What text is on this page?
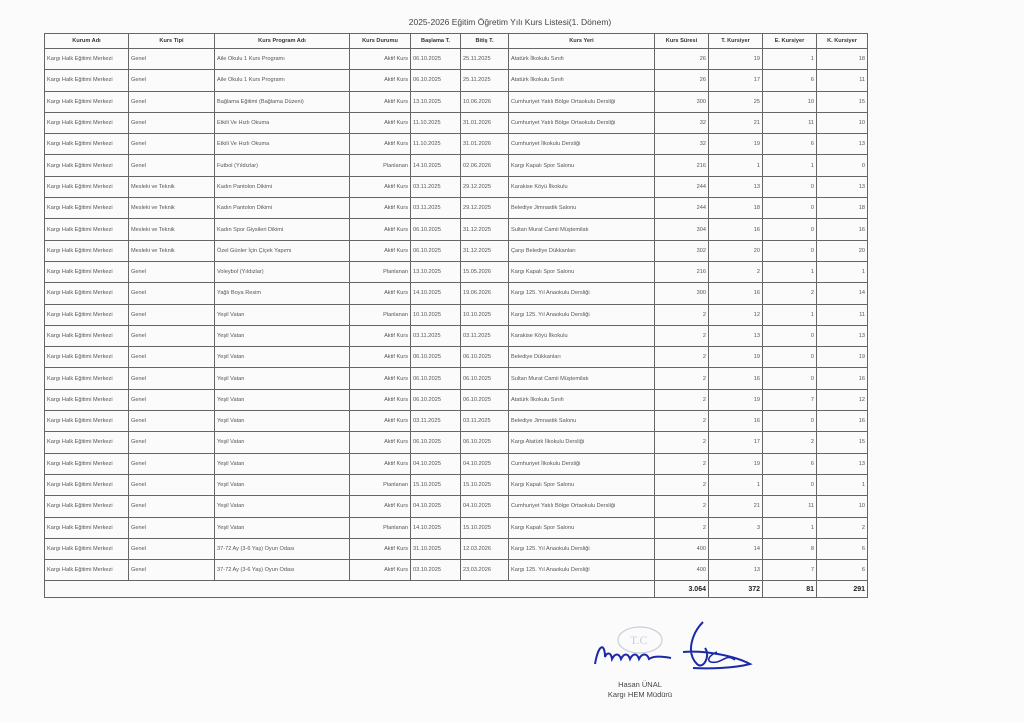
2025-2026 Eğitim Öğretim Yılı Kurs Listesi(1. Dönem)
Kurum Adı	Kurs Tipi	Kurs Program Adı	Kurs Durumu	Başlama T.	Bitiş T.	Kurs Yeri	Kurs Süresi	T. Kursiyer	E. Kursiyer	K. Kursiyer
Kargı Halk Eğitimi Merkezi	Genel	Aile Okulu 1 Kurs Programı	Aktif Kurs	06.10.2025	25.11.2025	Atatürk İlkokulu Sınıfı	26	19	1	18
Kargı Halk Eğitimi Merkezi	Genel	Aile Okulu 1 Kurs Programı	Aktif Kurs	06.10.2025	25.11.2025	Atatürk İlkokulu Sınıfı	26	17	6	11
Kargı Halk Eğitimi Merkezi	Genel	Bağlama Eğitimi (Bağlama Düzeni)	Aktif Kurs	13.10.2025	10.06.2026	Cumhuriyet Yatılı Bölge Ortaokulu Dersliği	300	25	10	15
Kargı Halk Eğitimi Merkezi	Genel	Etkili Ve Hızlı Okuma	Aktif Kurs	11.10.2025	31.01.2026	Cumhuriyet Yatılı Bölge Ortaokulu Dersliği	32	21	11	10
Kargı Halk Eğitimi Merkezi	Genel	Etkili Ve Hızlı Okuma	Aktif Kurs	11.10.2025	31.01.2026	Cumhuriyet İlkokulu Dersliği	32	19	6	13
Kargı Halk Eğitimi Merkezi	Genel	Futbol (Yıldızlar)	Planlanan	14.10.2025	02.06.2026	Kargı Kapalı Spor Salonu	216	1	1	0
Kargı Halk Eğitimi Merkezi	Mesleki ve Teknik	Kadın Pantolon Dikimi	Aktif Kurs	03.11.2025	29.12.2025	Karakise Köyü İlkokulu	244	13	0	13
Kargı Halk Eğitimi Merkezi	Mesleki ve Teknik	Kadın Pantolon Dikimi	Aktif Kurs	03.11.2025	29.12.2025	Belediye Jimnastik Salonu	244	18	0	18
Kargı Halk Eğitimi Merkezi	Mesleki ve Teknik	Kadın Spor Giysileri Dikimi	Aktif Kurs	06.10.2025	31.12.2025	Sultan Murat Camii Müştemilatı	304	16	0	16
Kargı Halk Eğitimi Merkezi	Mesleki ve Teknik	Özel Günler İçin Çiçek Yapımı	Aktif Kurs	06.10.2025	31.12.2025	Çarşı Belediye Dükkanları	302	20	0	20
Kargı Halk Eğitimi Merkezi	Genel	Voleybol (Yıldızlar)	Planlanan	13.10.2025	15.05.2026	Kargı Kapalı Spor Salonu	216	2	1	1
Kargı Halk Eğitimi Merkezi	Genel	Yağlı Boya Resim	Aktif Kurs	14.10.2025	19.06.2026	Kargı 125. Yıl Anaokulu Dersliği	300	16	2	14
Kargı Halk Eğitimi Merkezi	Genel	Yeşil Vatan	Planlanan	10.10.2025	10.10.2025	Kargı 125. Yıl Anaokulu Dersliği	2	12	1	11
Kargı Halk Eğitimi Merkezi	Genel	Yeşil Vatan	Aktif Kurs	03.11.2025	03.11.2025	Karakise Köyü İlkokulu	2	13	0	13
Kargı Halk Eğitimi Merkezi	Genel	Yeşil Vatan	Aktif Kurs	06.10.2025	06.10.2025	Belediye Dükkanları	2	19	0	19
Kargı Halk Eğitimi Merkezi	Genel	Yeşil Vatan	Aktif Kurs	06.10.2025	06.10.2025	Sultan Murat Camii Müştemilatı	2	16	0	16
Kargı Halk Eğitimi Merkezi	Genel	Yeşil Vatan	Aktif Kurs	06.10.2025	06.10.2025	Atatürk İlkokulu Sınıfı	2	19	7	12
Kargı Halk Eğitimi Merkezi	Genel	Yeşil Vatan	Aktif Kurs	03.11.2025	03.11.2025	Belediye Jimnastik Salonu	2	16	0	16
Kargı Halk Eğitimi Merkezi	Genel	Yeşil Vatan	Aktif Kurs	06.10.2025	06.10.2025	Kargı Atatürk İlkokulu Dersliği	2	17	2	15
Kargı Halk Eğitimi Merkezi	Genel	Yeşil Vatan	Aktif Kurs	04.10.2025	04.10.2025	Cumhuriyet İlkokulu Dersliği	2	19	6	13
Kargı Halk Eğitimi Merkezi	Genel	Yeşil Vatan	Planlanan	15.10.2025	15.10.2025	Kargı Kapalı Spor Salonu	2	1	0	1
Kargı Halk Eğitimi Merkezi	Genel	Yeşil Vatan	Aktif Kurs	04.10.2025	04.10.2025	Cumhuriyet Yatılı Bölge Ortaokulu Dersliği	2	21	11	10
Kargı Halk Eğitimi Merkezi	Genel	Yeşil Vatan	Planlanan	14.10.2025	15.10.2025	Kargı Kapalı Spor Salonu	2	3	1	2
Kargı Halk Eğitimi Merkezi	Genel	37-72 Ay (3-6 Yaş) Oyun Odası	Aktif Kurs	31.10.2025	12.03.2026	Kargı 125. Yıl Anaokulu Dersliği	400	14	8	6
Kargı Halk Eğitimi Merkezi	Genel	37-72 Ay (3-6 Yaş) Oyun Odası	Aktif Kurs	03.10.2025	23.03.2026	Kargı 125. Yıl Anaokulu Dersliği	400	13	7	6
							3.064	372	81	291
T.C
Hasan ÜNAL
Kargı HEM Müdürü
